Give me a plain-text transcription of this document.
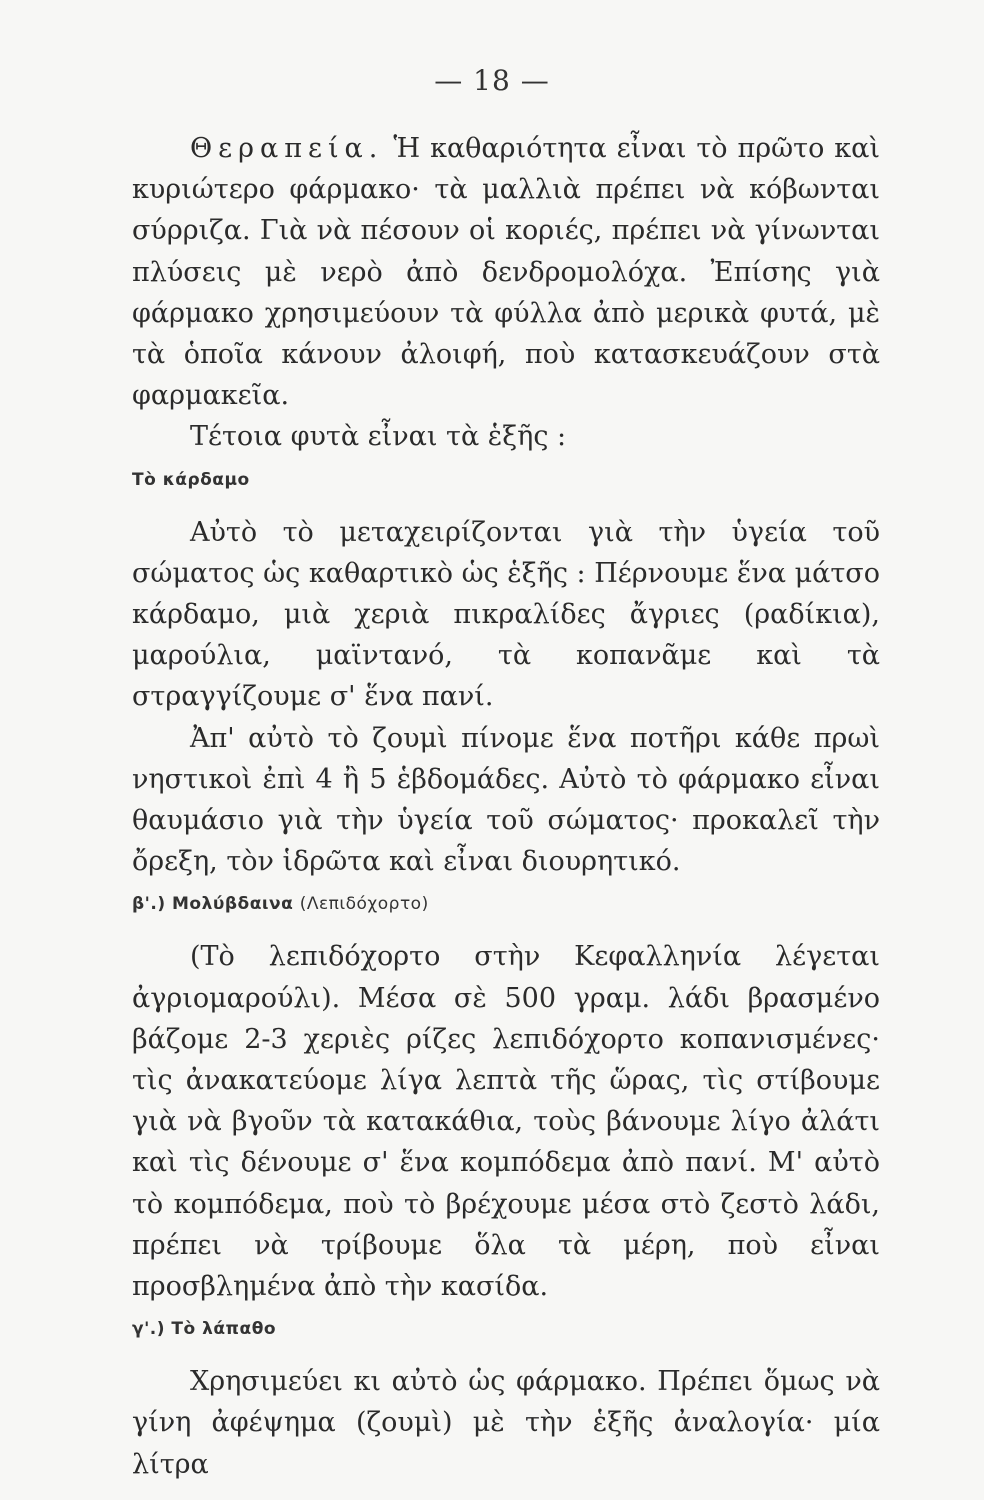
— 18 —

Θεραπεία. Ἡ καθαριότητα εἶναι τὸ πρῶτο καὶ κυριώτερο φάρμακο· τὰ μαλλιὰ πρέπει νὰ κόβωνται σύρριζα. Γιὰ νὰ πέσουν οἱ κοριές, πρέπει νὰ γίνωνται πλύσεις μὲ νερὸ ἀπὸ δενδρομολόχα. Ἐπίσης γιὰ φάρμακο χρησιμεύουν τὰ φύλλα ἀπὸ μερικὰ φυτά, μὲ τὰ ὁποῖα κάνουν ἀλοιφή, ποὺ κατασκευάζουν στὰ φαρμακεῖα.

Τέτοια φυτὰ εἶναι τὰ ἑξῆς :

Τὸ κάρδαμο

Αὐτὸ τὸ μεταχειρίζονται γιὰ τὴν ὑγεία τοῦ σώματος ὡς καθαρτικὸ ὡς ἑξῆς : Πέρνουμε ἕνα μάτσο κάρδαμο, μιὰ χεριὰ πικραλίδες ἄγριες (ραδίκια), μαρούλια, μαϊντανό, τὰ κοπανᾶμε καὶ τὰ στραγγίζουμε σ' ἕνα πανί.

Ἀπ' αὐτὸ τὸ ζουμὶ πίνομε ἕνα ποτῆρι κάθε πρωὶ νηστικοὶ ἐπὶ 4 ἢ 5 ἑβδομάδες. Αὐτὸ τὸ φάρμακο εἶναι θαυμάσιο γιὰ τὴν ὑγεία τοῦ σώματος· προκαλεῖ τὴν ὄρεξη, τὸν ἱδρῶτα καὶ εἶναι διουρητικό.

β'.) Μολύβδαινα (Λεπιδόχορτο)

(Τὸ λεπιδόχορτο στὴν Κεφαλληνία λέγεται ἀγριομαρούλι). Μέσα σὲ 500 γραμ. λάδι βρασμένο βάζομε 2-3 χεριὲς ρίζες λεπιδόχορτο κοπανισμένες· τὶς ἀνακατεύομε λίγα λεπτὰ τῆς ὥρας, τὶς στίβουμε γιὰ νὰ βγοῦν τὰ κατακάθια, τοὺς βάνουμε λίγο ἀλάτι καὶ τὶς δένουμε σ' ἕνα κομπόδεμα ἀπὸ πανί. Μ' αὐτὸ τὸ κομπόδεμα, ποὺ τὸ βρέχουμε μέσα στὸ ζεστὸ λάδι, πρέπει νὰ τρίβουμε ὅλα τὰ μέρη, ποὺ εἶναι προσβλημένα ἀπὸ τὴν κασίδα.

γ'.) Τὸ λάπαθο

Χρησιμεύει κι αὐτὸ ὡς φάρμακο. Πρέπει ὅμως νὰ γίνη ἀφέψημα (ζουμὶ) μὲ τὴν ἑξῆς ἀναλογία· μία λίτρα
